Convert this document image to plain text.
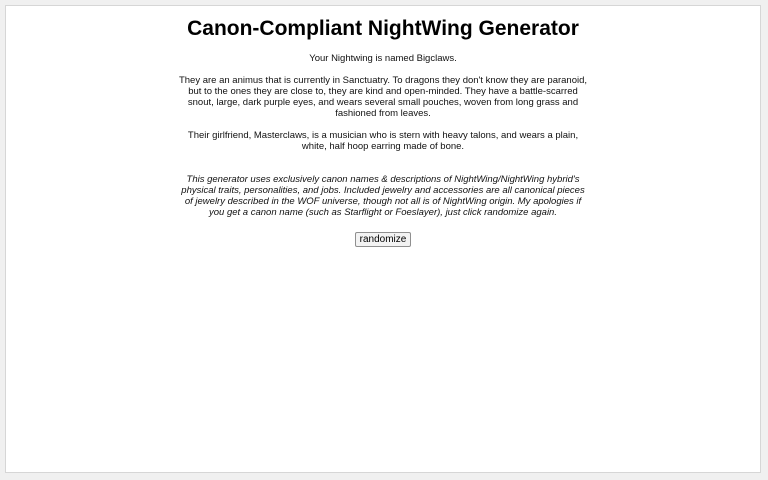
Canon-Compliant NightWing Generator

Your Nightwing is named Bigclaws.

They are an animus that is currently in Sanctuatry. To dragons they don't know they are paranoid, but to the ones they are close to, they are kind and open-minded. They have a battle-scarred snout, large, dark purple eyes, and wears several small pouches, woven from long grass and fashioned from leaves.

Their girlfriend, Masterclaws, is a musician who is stern with heavy talons, and wears a plain, white, half hoop earring made of bone.

This generator uses exclusively canon names & descriptions of NightWing/NightWing hybrid's physical traits, personalities, and jobs. Included jewelry and accessories are all canonical pieces of jewelry described in the WOF universe, though not all is of NightWing origin. My apologies if you get a canon name (such as Starflight or Foeslayer), just click randomize again.

randomize
